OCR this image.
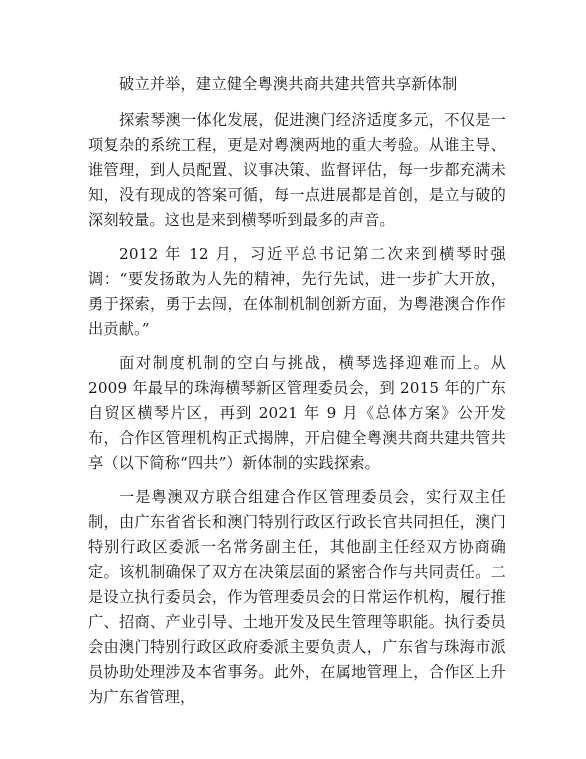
破立并举，建立健全粤澳共商共建共管共享新体制

探索琴澳一体化发展，促进澳门经济适度多元，不仅是一项复杂的系统工程，更是对粤澳两地的重大考验。从谁主导、谁管理，到人员配置、议事决策、监督评估，每一步都充满未知，没有现成的答案可循，每一点进展都是首创，是立与破的深刻较量。这也是来到横琴听到最多的声音。

2012 年 12 月，习近平总书记第二次来到横琴时强调：“要发扬敢为人先的精神，先行先试，进一步扩大开放，勇于探索，勇于去闯，在体制机制创新方面，为粤港澳合作作出贡献。”

面对制度机制的空白与挑战，横琴选择迎难而上。从 2009 年最早的珠海横琴新区管理委员会，到 2015 年的广东自贸区横琴片区，再到 2021 年 9 月《总体方案》公开发布，合作区管理机构正式揭牌，开启健全粤澳共商共建共管共享（以下简称“四共”）新体制的实践探索。

一是粤澳双方联合组建合作区管理委员会，实行双主任制，由广东省省长和澳门特别行政区行政长官共同担任，澳门特别行政区委派一名常务副主任，其他副主任经双方协商确定。该机制确保了双方在决策层面的紧密合作与共同责任。二是设立执行委员会，作为管理委员会的日常运作机构，履行推广、招商、产业引导、土地开发及民生管理等职能。执行委员会由澳门特别行政区政府委派主要负责人，广东省与珠海市派员协助处理涉及本省事务。此外，在属地管理上，合作区上升为广东省管理，
